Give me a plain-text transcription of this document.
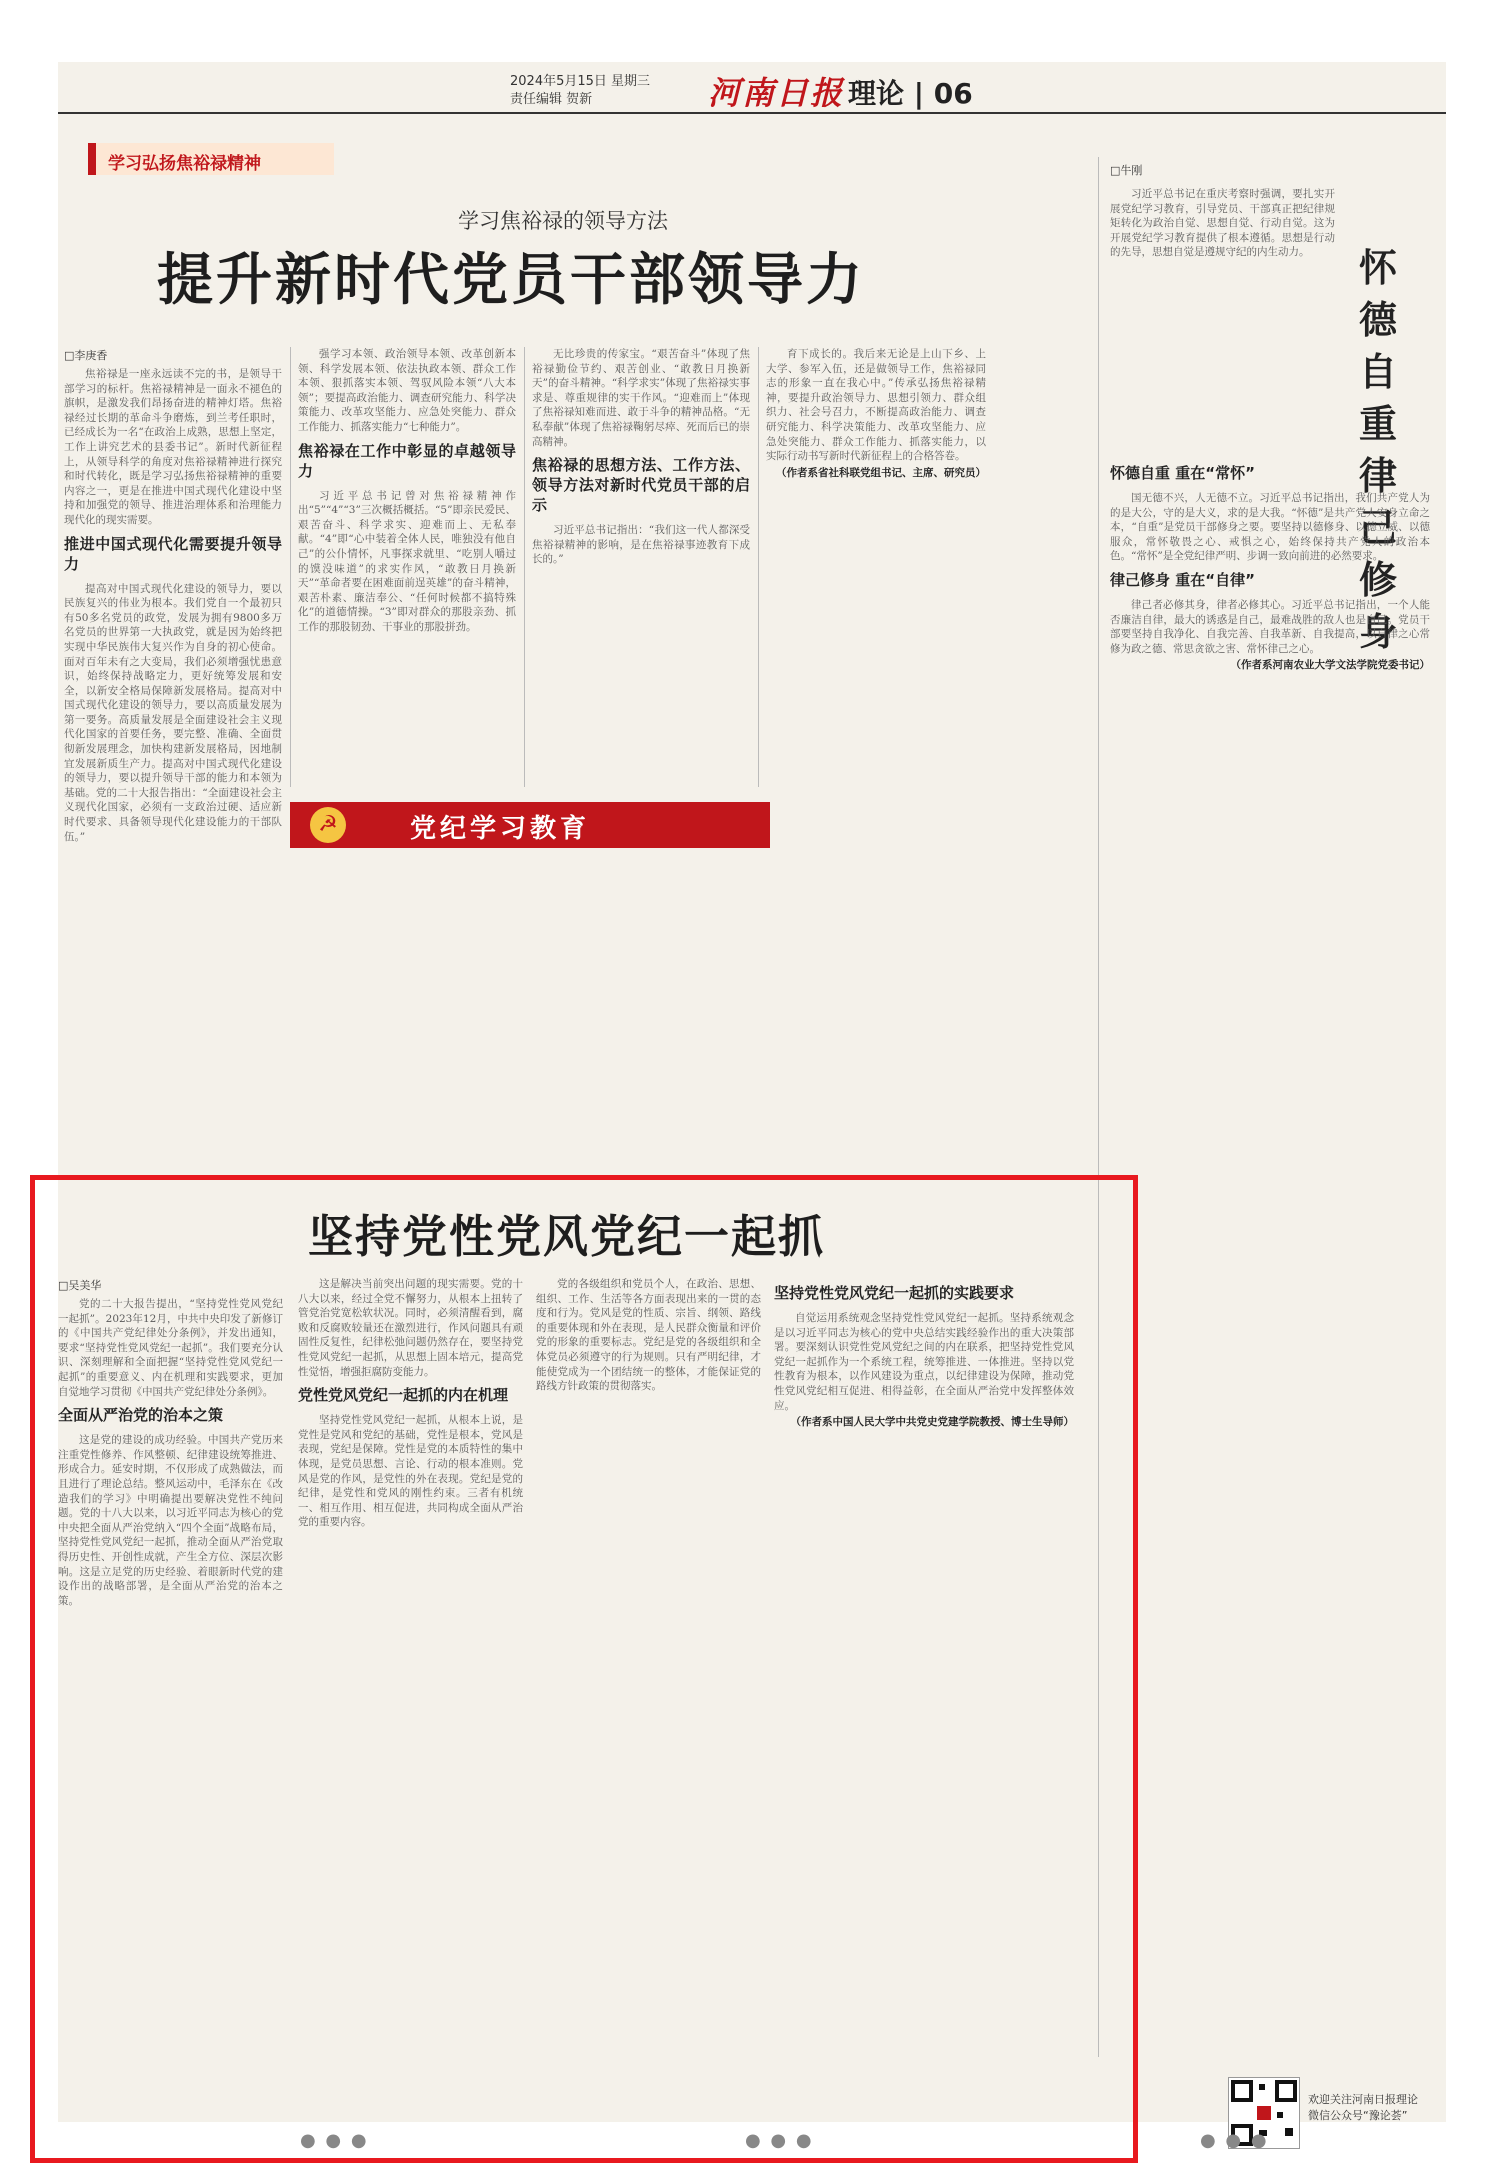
2024年5月15日 星期三
责任编辑 贺新	河南日报 理论 | 06
学习弘扬焦裕禄精神
学习焦裕禄的领导方法
提升新时代党员干部领导力
□李庚香

焦裕禄是一座永远读不完的书，是领导干部学习的标杆。焦裕禄精神是一面永不褪色的旗帜，是激发我们昂扬奋进的精神灯塔。焦裕禄经过长期的革命斗争磨炼，到兰考任职时，已经成长为一名“在政治上成熟，思想上坚定，工作上讲究艺术的县委书记”。新时代新征程上，从领导科学的角度对焦裕禄精神进行探究和时代转化，既是学习弘扬焦裕禄精神的重要内容之一，更是在推进中国式现代化建设中坚持和加强党的领导、推进治理体系和治理能力现代化的现实需要。

推进中国式现代化需要提升领导力

提高对中国式现代化建设的领导力，要以民族复兴的伟业为根本。我们党自一个最初只有50多名党员的政党，发展为拥有9800多万名党员的世界第一大执政党，就是因为始终把实现中华民族伟大复兴作为自身的初心使命。面对百年未有之大变局，我们必须增强忧患意识，始终保持战略定力，更好统筹发展和安全，以新安全格局保障新发展格局。提高对中国式现代化建设的领导力，要以高质量发展为第一要务。高质量发展是全面建设社会主义现代化国家的首要任务，要完整、准确、全面贯彻新发展理念，加快构建新发展格局，因地制宜发展新质生产力。提高对中国式现代化建设的领导力，要以提升领导干部的能力和本领为基础。党的二十大报告指出：“全面建设社会主义现代化国家，必须有一支政治过硬、适应新时代要求、具备领导现代化建设能力的干部队伍。”

强学习本领、政治领导本领、改革创新本领、科学发展本领、依法执政本领、群众工作本领、狠抓落实本领、驾驭风险本领“八大本领”；要提高政治能力、调查研究能力、科学决策能力、改革攻坚能力、应急处突能力、群众工作能力、抓落实能力“七种能力”。

焦裕禄在工作中彰显的卓越领导力

习近平总书记曾对焦裕禄精神作出“5”“4”“3”三次概括概括。“5”即亲民爱民、艰苦奋斗、科学求实、迎难而上、无私奉献。“4”即“心中装着全体人民，唯独没有他自己”的公仆情怀，凡事探求就里、“吃别人嚼过的馍没味道”的求实作风，“敢教日月换新天”“革命者要在困难面前逞英雄”的奋斗精神，艰苦朴素、廉洁奉公、“任何时候都不搞特殊化”的道德情操。“3”即对群众的那股亲劲、抓工作的那股韧劲、干事业的那股拼劲。

无比珍贵的传家宝。“艰苦奋斗”体现了焦裕禄勤俭节约、艰苦创业、“敢教日月换新天”的奋斗精神。“科学求实”体现了焦裕禄实事求是、尊重规律的实干作风。“迎难而上”体现了焦裕禄知难而进、敢于斗争的精神品格。“无私奉献”体现了焦裕禄鞠躬尽瘁、死而后已的崇高精神。

焦裕禄的思想方法、工作方法、领导方法对新时代党员干部的启示

习近平总书记指出：“我们这一代人都深受焦裕禄精神的影响，是在焦裕禄事迹教育下成长的。”

育下成长的。我后来无论是上山下乡、上大学、参军入伍，还是做领导工作，焦裕禄同志的形象一直在我心中。”传承弘扬焦裕禄精神，要提升政治领导力、思想引领力、群众组织力、社会号召力，不断提高政治能力、调查研究能力、科学决策能力、改革攻坚能力、应急处突能力、群众工作能力、抓落实能力，以实际行动书写新时代新征程上的合格答卷。

（作者系省社科联党组书记、主席、研究员）

□牛刚
怀德自重 律己修身

习近平总书记在重庆考察时强调，要扎实开展党纪学习教育，引导党员、干部真正把纪律规矩转化为政治自觉、思想自觉、行动自觉。这为开展党纪学习教育提供了根本遵循。思想是行动的先导，思想自觉是遵规守纪的内生动力。

怀德自重 重在“常怀”

国无德不兴，人无德不立。习近平总书记指出，我们共产党人为的是大公，守的是大义，求的是大我。“怀德”是共产党人安身立命之本，“自重”是党员干部修身之要。要坚持以德修身、以德立威、以德服众，常怀敬畏之心、戒惧之心，始终保持共产党人的政治本色。“常怀”是全党纪律严明、步调一致向前进的必然要求。

律己修身 重在“自律”

律己者必修其身，律者必修其心。习近平总书记指出，一个人能否廉洁自律，最大的诱惑是自己，最难战胜的敌人也是自己。党员干部要坚持自我净化、自我完善、自我革新、自我提高，以自律之心常修为政之德、常思贪欲之害、常怀律己之心。

（作者系河南农业大学文法学院党委书记）

欢迎关注河南日报理论微信公众号“豫论荟”
☭	党纪学习教育
坚持党性党风党纪一起抓
□吴美华

党的二十大报告提出，“坚持党性党风党纪一起抓”。2023年12月，中共中央印发了新修订的《中国共产党纪律处分条例》，并发出通知，要求“坚持党性党风党纪一起抓”。我们要充分认识、深刻理解和全面把握“坚持党性党风党纪一起抓”的重要意义、内在机理和实践要求，更加自觉地学习贯彻《中国共产党纪律处分条例》。

全面从严治党的治本之策

这是党的建设的成功经验。中国共产党历来注重党性修养、作风整顿、纪律建设统筹推进、形成合力。延安时期，不仅形成了成熟做法，而且进行了理论总结。整风运动中，毛泽东在《改造我们的学习》中明确提出要解决党性不纯问题。党的十八大以来，以习近平同志为核心的党中央把全面从严治党纳入“四个全面”战略布局，坚持党性党风党纪一起抓，推动全面从严治党取得历史性、开创性成就，产生全方位、深层次影响。这是立足党的历史经验、着眼新时代党的建设作出的战略部署，是全面从严治党的治本之策。

这是解决当前突出问题的现实需要。党的十八大以来，经过全党不懈努力，从根本上扭转了管党治党宽松软状况。同时，必须清醒看到，腐败和反腐败较量还在激烈进行，作风问题具有顽固性反复性，纪律松弛问题仍然存在，要坚持党性党风党纪一起抓，从思想上固本培元，提高党性觉悟，增强拒腐防变能力。

党性党风党纪一起抓的内在机理

坚持党性党风党纪一起抓，从根本上说，是党性是党风和党纪的基础，党性是根本，党风是表现，党纪是保障。党性是党的本质特性的集中体现，是党员思想、言论、行动的根本准则。党风是党的作风，是党性的外在表现。党纪是党的纪律，是党性和党风的刚性约束。三者有机统一、相互作用、相互促进，共同构成全面从严治党的重要内容。

党的各级组织和党员个人，在政治、思想、组织、工作、生活等各方面表现出来的一贯的态度和行为。党风是党的性质、宗旨、纲领、路线的重要体现和外在表现，是人民群众衡量和评价党的形象的重要标志。党纪是党的各级组织和全体党员必须遵守的行为规则。只有严明纪律，才能使党成为一个团结统一的整体，才能保证党的路线方针政策的贯彻落实。

坚持党性党风党纪一起抓的实践要求

自觉运用系统观念坚持党性党风党纪一起抓。坚持系统观念是以习近平同志为核心的党中央总结实践经验作出的重大决策部署。要深刻认识党性党风党纪之间的内在联系，把坚持党性党风党纪一起抓作为一个系统工程，统筹推进、一体推进。坚持以党性教育为根本，以作风建设为重点，以纪律建设为保障，推动党性党风党纪相互促进、相得益彰，在全面从严治党中发挥整体效应。

（作者系中国人民大学中共党史党建学院教授、博士生导师）

● ● ●	● ● ●	● ● ●
